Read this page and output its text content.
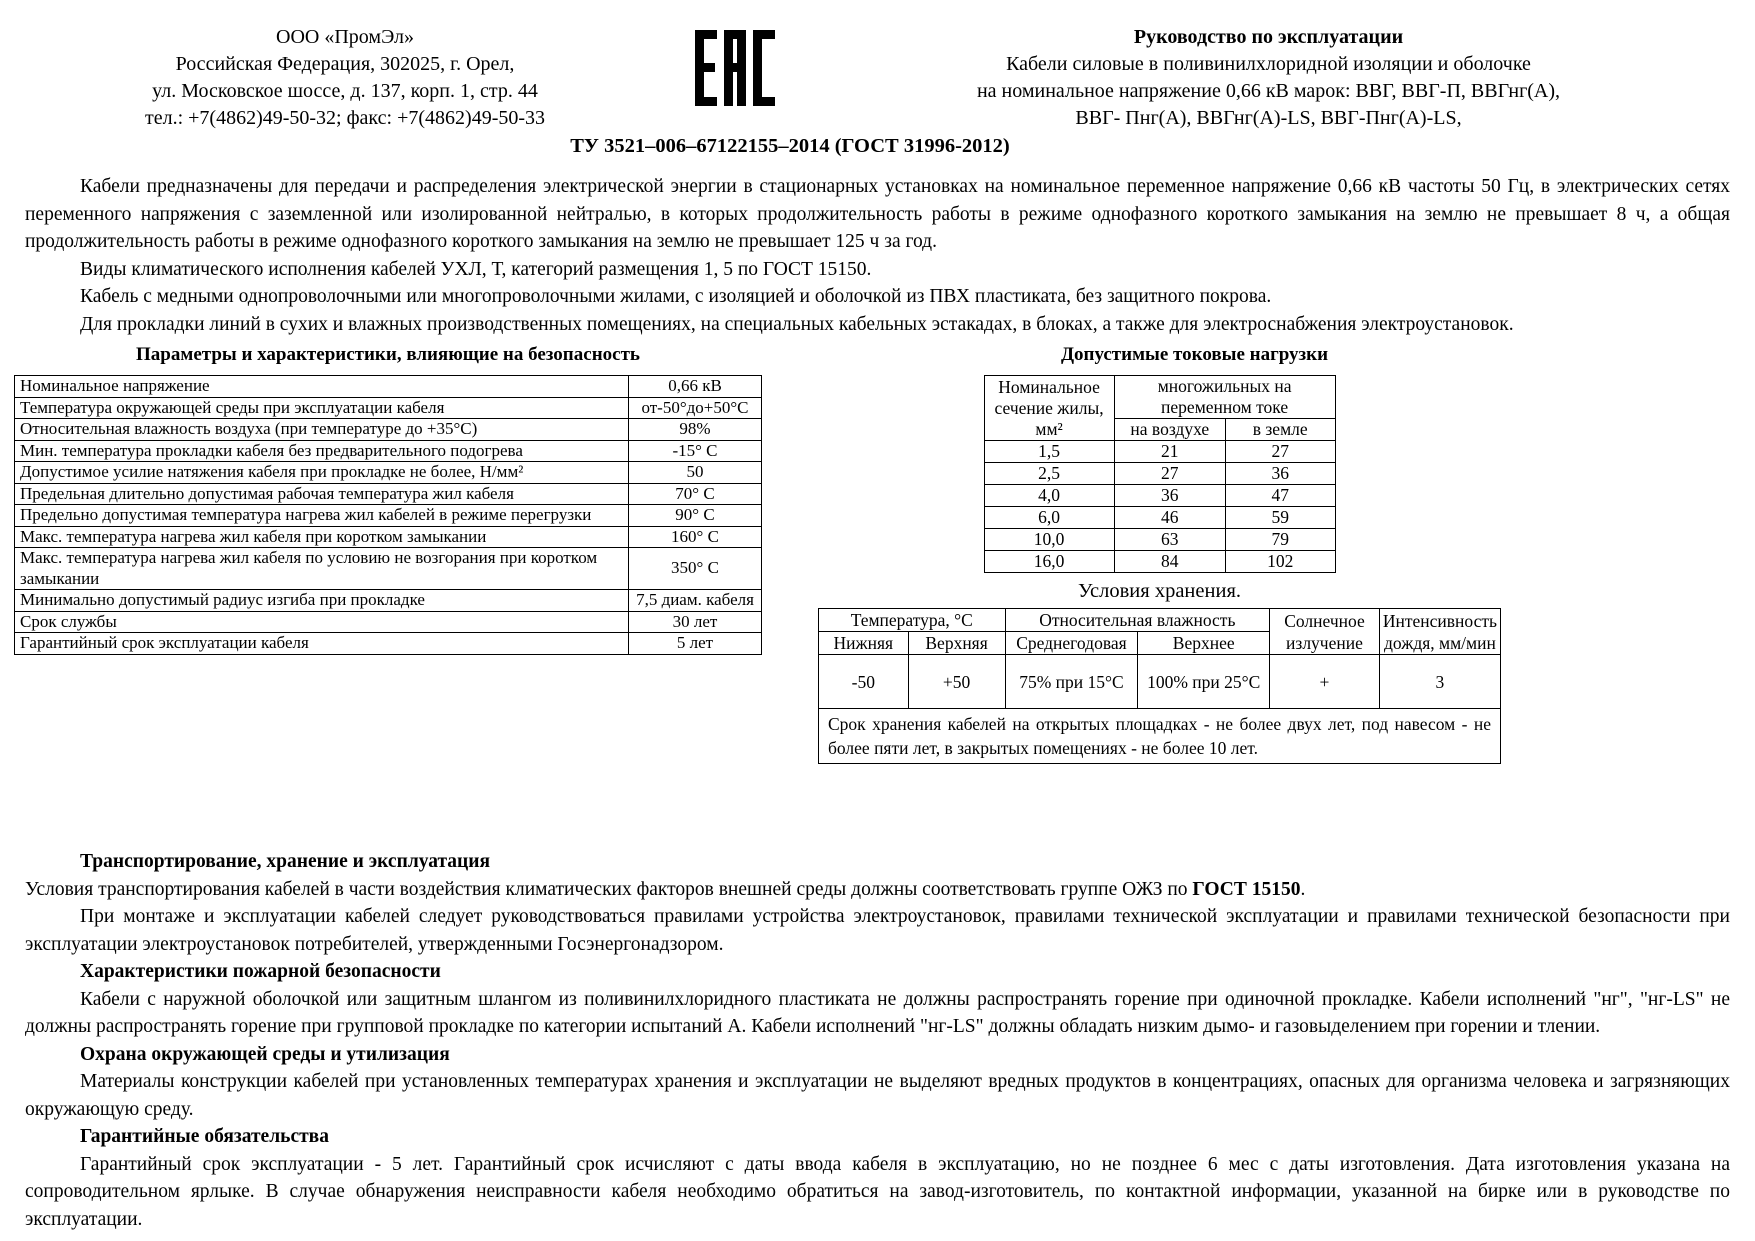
ООО «ПромЭл»
Российская Федерация, 302025, г. Орел,
ул. Московское шоссе, д. 137, корп. 1, стр. 44
тел.: +7(4862)49-50-32; факс: +7(4862)49-50-33
Руководство по эксплуатации
Кабели силовые в поливинилхлоридной изоляции и оболочке
на номинальное напряжение 0,66 кВ марок: ВВГ, ВВГ-П, ВВГнг(А),
ВВГ- Пнг(А), ВВГнг(А)-LS, ВВГ-Пнг(А)-LS,
ТУ 3521–006–67122155–2014 (ГОСТ 31996-2012)

Кабели предназначены для передачи и распределения электрической энергии в стационарных установках на номинальное переменное напряжение 0,66 кВ частоты 50 Гц, в электрических сетях переменного напряжения с заземленной или изолированной нейтралью, в которых продолжительность работы в режиме однофазного короткого замыкания на землю не превышает 8 ч, а общая продолжительность работы в режиме однофазного короткого замыкания на землю не превышает 125 ч за год.

Виды климатического исполнения кабелей УХЛ, Т, категорий размещения 1, 5 по ГОСТ 15150.

Кабель с медными однопроволочными или многопроволочными жилами, с изоляцией и оболочкой из ПВХ пластиката, без защитного покрова.

Для прокладки линий в сухих и влажных производственных помещениях, на специальных кабельных эстакадах, в блоках, а также для электроснабжения электроустановок.

Параметры и характеристики, влияющие на безопасность
Номинальное напряжение	0,66 кВ
Температура окружающей среды при эксплуатации кабеля	от-50°до+50°С
Относительная влажность воздуха (при температуре до +35°С)	98%
Мин. температура прокладки кабеля без предварительного подогрева	-15° С
Допустимое усилие натяжения кабеля при прокладке не более, Н/мм²	50
Предельная длительно допустимая рабочая температура жил кабеля	70° С
Предельно допустимая температура нагрева жил кабелей в режиме перегрузки	90° С
Макс. температура нагрева жил кабеля при коротком замыкании	160° С
Макс. температура нагрева жил кабеля по условию не возгорания при коротком замыкании	350° С
Минимально допустимый радиус изгиба при прокладке	7,5 диам. кабеля
Срок службы	30 лет
Гарантийный срок эксплуатации кабеля	5 лет
Допустимые токовые нагрузки
Номинальное сечение жилы, мм²	многожильных на переменном токе	
	на воздухе	в земле
1,5	21	27
2,5	27	36
4,0	36	47
6,0	46	59
10,0	63	79
16,0	84	102
Условия хранения.
Температура, °С		Относительная влажность		Солнечное излучение	Интенсивность дождя, мм/мин
Нижняя	Верхняя	Среднегодовая	Верхнее		
-50	+50	75% при 15°С	100% при 25°С	+	3
Срок хранения кабелей на открытых площадках - не более двух лет, под навесом - не более пяти лет, в закрытых помещениях - не более 10 лет.					

Транспортирование, хранение и эксплуатация

Условия транспортирования кабелей в части воздействия климатических факторов внешней среды должны соответствовать группе ОЖЗ по ГОСТ 15150.

При монтаже и эксплуатации кабелей следует руководствоваться правилами устройства электроустановок, правилами технической эксплуатации и правилами технической безопасности при эксплуатации электроустановок потребителей, утвержденными Госэнергонадзором.

Характеристики пожарной безопасности

Кабели с наружной оболочкой или защитным шлангом из поливинилхлоридного пластиката не должны распространять горение при одиночной прокладке. Кабели исполнений "нг", "нг-LS" не должны распространять горение при групповой прокладке по категории испытаний А. Кабели исполнений "нг-LS" должны обладать низким дымо- и газовыделением при горении и тлении.

Охрана окружающей среды и утилизация

Материалы конструкции кабелей при установленных температурах хранения и эксплуатации не выделяют вредных продуктов в концентрациях, опасных для организма человека и загрязняющих окружающую среду.

Гарантийные обязательства

Гарантийный срок эксплуатации - 5 лет. Гарантийный срок исчисляют с даты ввода кабеля в эксплуатацию, но не позднее 6 мес с даты изготовления. Дата изготовления указана на сопроводительном ярлыке. В случае обнаружения неисправности кабеля необходимо обратиться на завод-изготовитель, по контактной информации, указанной на бирке или в руководстве по эксплуатации.
